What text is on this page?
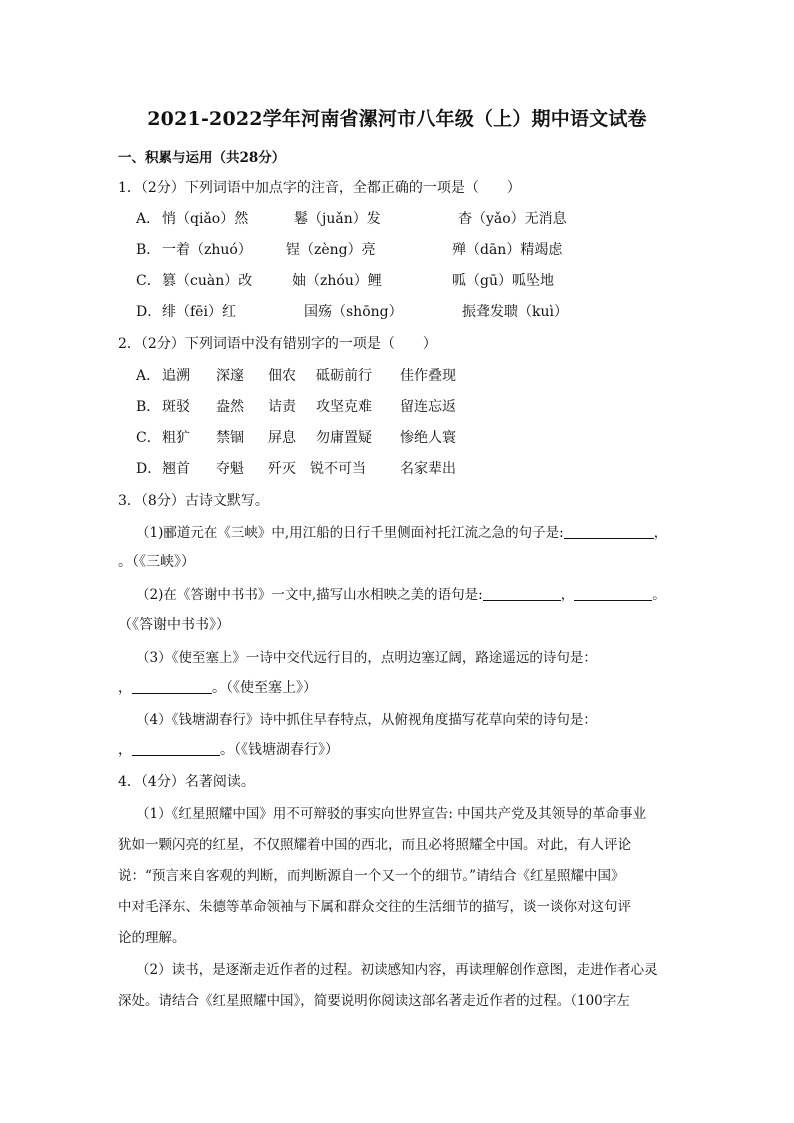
2021-2022学年河南省漯河市八年级（上）期中语文试卷
一、积累与运用（共28分）
1．（2分）下列词语中加点字的注音，全都正确的一项是（　　）
A． 悄（qiǎo）然	鬈（juǎn）发	杳（yǎo）无消息
B． 一着（zhuó） 锃（zèng）亮	殚（dān）精竭虑
C． 篡（cuàn）改	妯（zhóu）鲤	呱（gū）呱坠地
D． 绯（fēi）红	国殇（shōng）	振聋发聩（kuì）
2．（2分）下列词语中没有错别字的一项是（　　）
A． 追溯 深邃 佃农 砥砺前行 佳作叠现
B． 斑驳 盎然 诘责 攻坚克难 留连忘返
C． 粗犷 禁锢 屏息 勿庸置疑 惨绝人寰
D． 翘首 夺魁 歼灭 锐不可当 名家辈出
3．（8分）古诗文默写。
（1)郦道元在《三峡》中,用江船的日行千里侧面衬托江流之急的句子是:	，
。（《三峡》）
（2)在《答谢中书书》一文中,描写山水相映之美的语句是:	，	。
（《答谢中书书》）
（3）《使至塞上》一诗中交代远行目的，点明边塞辽阔，路途遥远的诗句是：
，	。（《使至塞上》）
（4）《钱塘湖春行》诗中抓住早春特点，从俯视角度描写花草向荣的诗句是：
，	。（《钱塘湖春行》）
4．（4分）名著阅读。
（1）《红星照耀中国》用不可辩驳的事实向世界宣告: 中国共产党及其领导的革命事业
犹如一颗闪亮的红星，不仅照耀着中国的西北，而且必将照耀全中国。对此，有人评论
说：“预言来自客观的判断，而判断源自一个又一个的细节。”请结合《红星照耀中国》
中对毛泽东、朱德等革命领袖与下属和群众交往的生活细节的描写，谈一谈你对这句评
论的理解。
（2）读书，是逐渐走近作者的过程。初读感知内容，再读理解创作意图，走进作者心灵
深处。请结合《红星照耀中国》，简要说明你阅读这部名著走近作者的过程。（100字左
